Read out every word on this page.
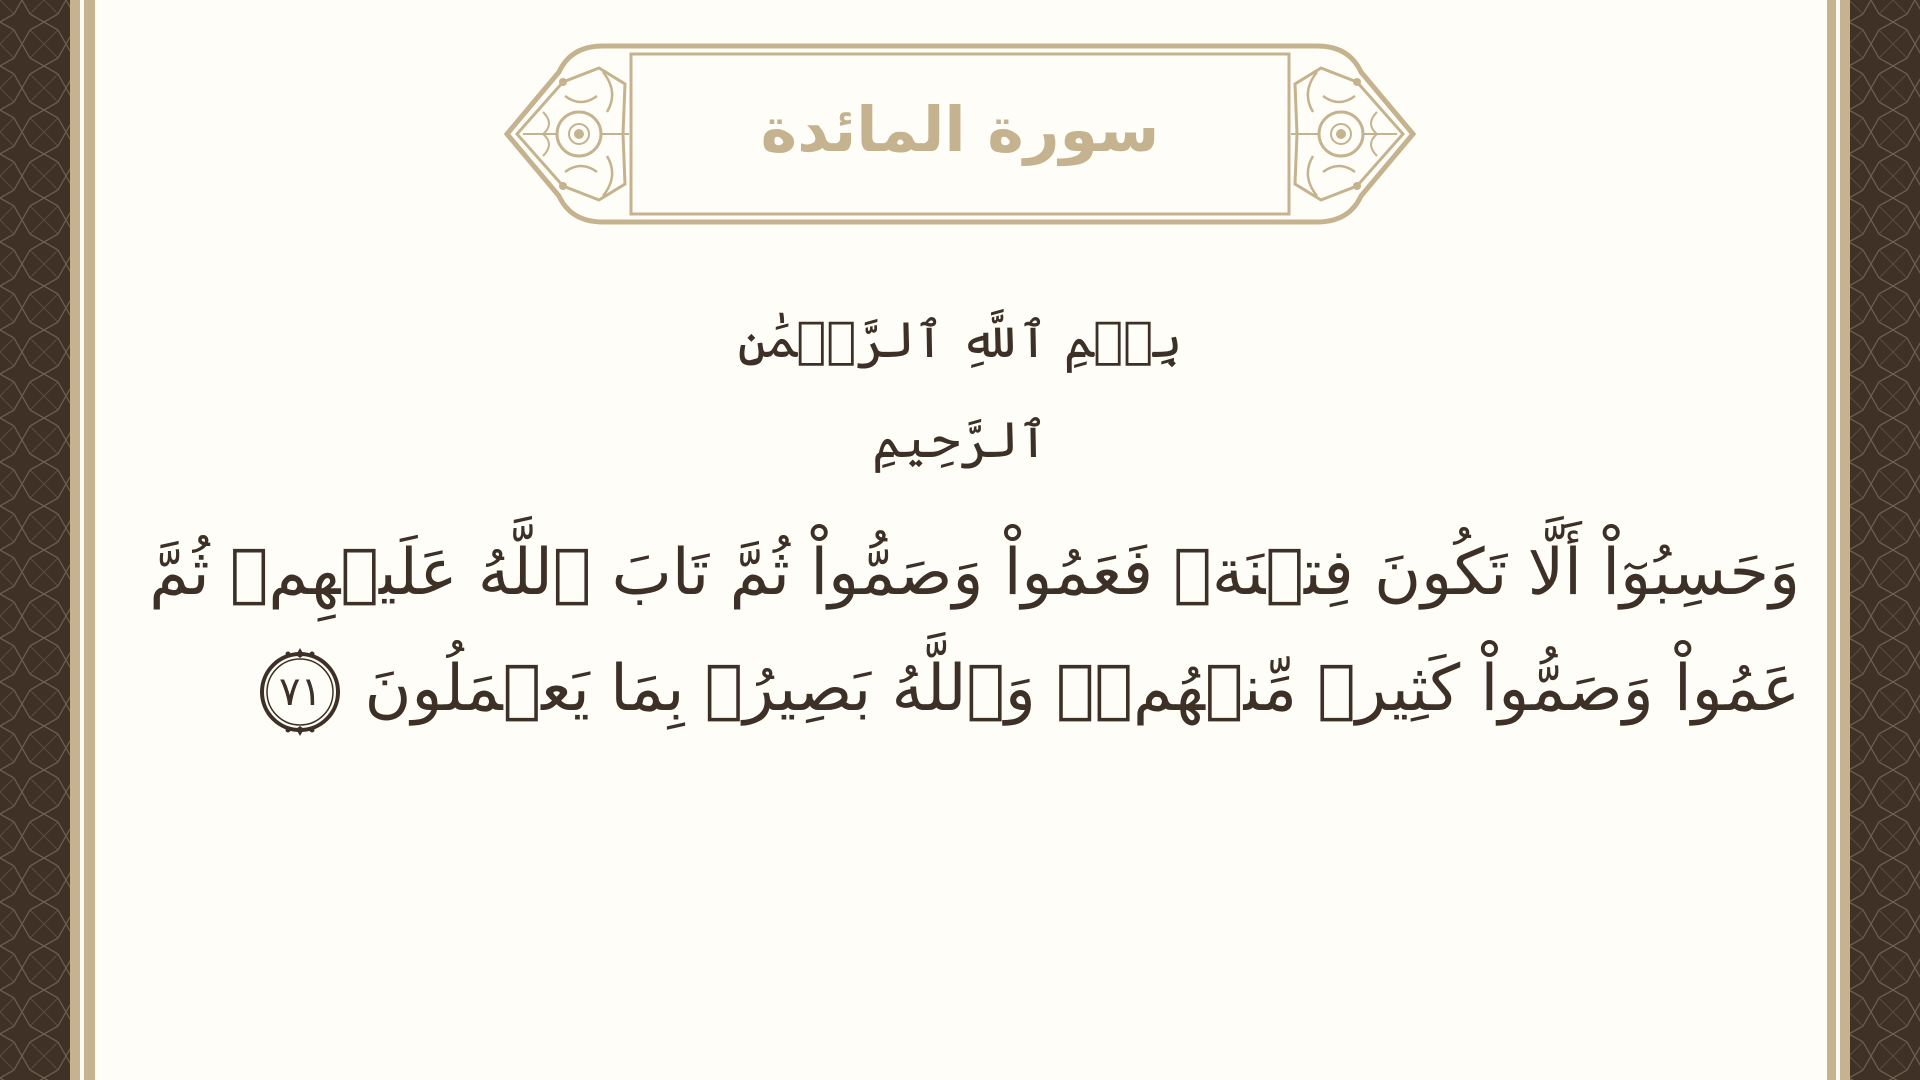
سورة المائدة
بِسۡمِ ٱللَّهِ ٱلرَّحۡمَٰنِ ٱلرَّحِيمِ
وَحَسِبُوٓاْ أَلَّا تَكُونَ فِتۡنَةٞ فَعَمُواْ وَصَمُّواْ ثُمَّ تَابَ ٱللَّهُ عَلَيۡهِمۡ ثُمَّ
عَمُواْ وَصَمُّواْ كَثِيرٞ مِّنۡهُمۡۚ وَٱللَّهُ بَصِيرُۢ بِمَا يَعۡمَلُونَ
٧١
